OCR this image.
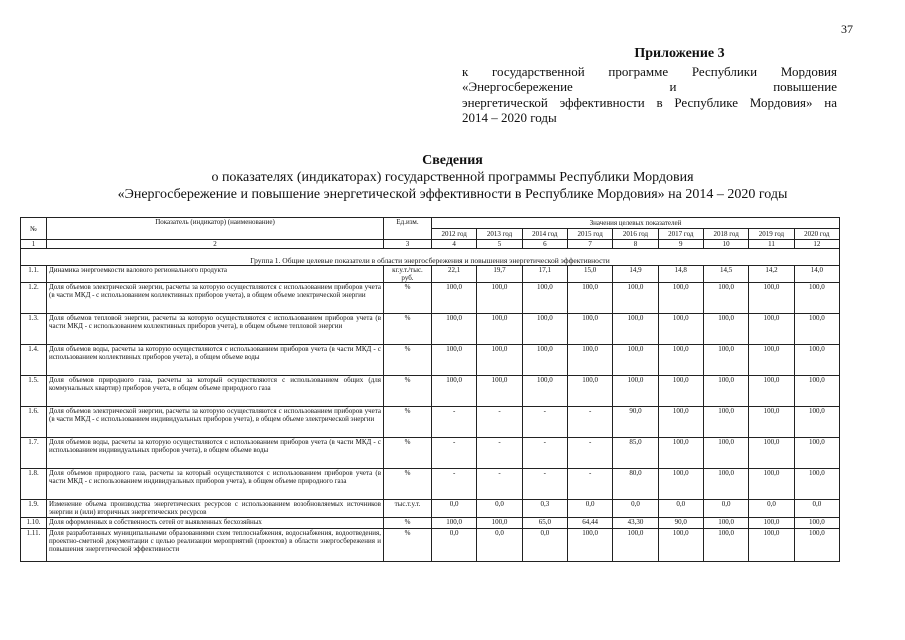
37
Приложение 3
к государственной программе Республики Мордовия
«Энергосбережение и повышение
энергетической эффективности в Республике Мордовия» на
2014 – 2020 годы
Сведения
о показателях (индикаторах) государственной программы Республики Мордовия
«Энергосбережение и повышение энергетической эффективности в Республике Мордовия» на 2014 – 2020 годы
№	Показатель (индикатор) (наименование)	Ед.изм.	Значения целевых показателей								
			2012 год	2013 год	2014 год	2015 год	2016 год	2017 год	2018 год	2019 год	2020 год
1	2	3	4	5	6	7	8	9	10	11	12
Группа 1. Общие целевые показатели в области энергосбережения и повышения энергетической эффективности											
1.1.	Динамика энергоемкости валового регионального продукта	кг.у.т./тыс. руб.	22,1	19,7	17,1	15,0	14,9	14,8	14,5	14,2	14,0
1.2.	Доля объемов электрической энергии, расчеты за которую осуществляются с использованием приборов учета (в части МКД - с использованием коллективных приборов учета), в общем объеме электрической энергии	%	100,0	100,0	100,0	100,0	100,0	100,0	100,0	100,0	100,0
1.3.	Доля объемов тепловой энергии, расчеты за которую осуществляются с использованием приборов учета (в части МКД - с использованием коллективных приборов учета), в общем объеме тепловой энергии	%	100,0	100,0	100,0	100,0	100,0	100,0	100,0	100,0	100,0
1.4.	Доля объемов воды, расчеты за которую осуществляются с использованием приборов учета (в части МКД - с использованием коллективных приборов учета), в общем объеме воды	%	100,0	100,0	100,0	100,0	100,0	100,0	100,0	100,0	100,0
1.5.	Доля объемов природного газа, расчеты за который осуществляются с использованием общих (для коммунальных квартир) приборов учета, в общем объеме природного газа	%	100,0	100,0	100,0	100,0	100,0	100,0	100,0	100,0	100,0
1.6.	Доля объемов электрической энергии, расчеты за которую осуществляются с использованием приборов учета (в части МКД - с использованием индивидуальных приборов учета), в общем объеме электрической энергии	%	-	-	-	-	90,0	100,0	100,0	100,0	100,0
1.7.	Доля объемов воды, расчеты за которую осуществляются с использованием приборов учета (в части МКД - с использованием индивидуальных приборов учета), в общем объеме воды	%	-	-	-	-	85,0	100,0	100,0	100,0	100,0
1.8.	Доля объемов природного газа, расчеты за который осуществляются с использованием приборов учета (в части МКД - с использованием индивидуальных приборов учета), в общем объеме природного газа	%	-	-	-	-	80,0	100,0	100,0	100,0	100,0
1.9.	Изменение объема производства энергетических ресурсов с использованием возобновляемых источников энергии и (или) вторичных энергетических ресурсов	тыс.т.у.т.	0,0	0,0	0,3	0,0	0,0	0,0	0,0	0,0	0,0
1.10.	Доля оформленных в собственность сетей от выявленных бесхозяйных	%	100,0	100,0	65,0	64,44	43,30	90,0	100,0	100,0	100,0
1.11.	Доля разработанных муниципальными образованиями схем теплоснабжения, водоснабжения, водоотведения, проектно-сметной документации с целью реализации мероприятий (проектов) в области энергосбережения и повышения энергетической эффективности	%	0,0	0,0	0,0	100,0	100,0	100,0	100,0	100,0	100,0
